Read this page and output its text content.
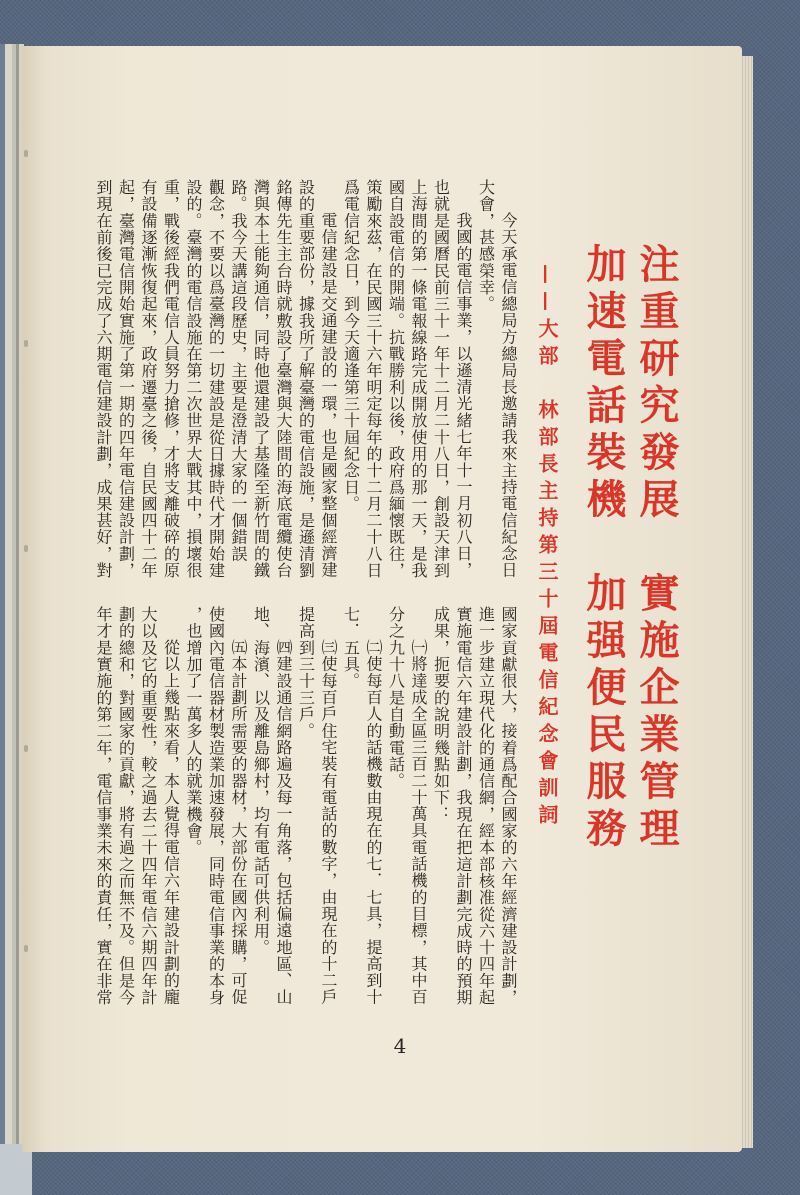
注重研究發展　實施企業管理
加速電話裝機　加强便民服務
——大部　林部長主持第三十屆電信紀念會訓詞
今天承電信總局方總局長邀請我來主持電信紀念日
大會，甚感榮幸。
我國的電信事業，以遜清光緒七年十一月初八日，
也就是國曆民前三十一年十二月二十八日，創設天津到
上海間的第一條電報線路完成開放使用的那一天，是我
國自設電信的開端。抗戰勝利以後，政府爲緬懷既往，
策勵來茲，在民國三十六年明定每年的十二月二十八日
爲電信紀念日，到今天適逢第三十屆紀念日。
電信建設是交通建設的一環，也是國家整個經濟建
設的重要部份，據我所了解臺灣的電信設施，是遜清劉
銘傳先生主台時就敷設了臺灣與大陸間的海底電纜使台
灣與本土能夠通信，同時他還建設了基隆至新竹間的鐵
路。我今天講這段歷史，主要是澄清大家的一個錯誤
觀念，不要以爲臺灣的一切建設是從日據時代才開始建
設的。臺灣的電信設施在第二次世界大戰其中，損壞很
重，戰後經我們電信人員努力搶修，才將支離破碎的原
有設備逐漸恢復起來，政府遷臺之後，自民國四十二年
起，臺灣電信開始實施了第一期的四年電信建設計劃，
到現在前後已完成了六期電信建設計劃，成果甚好，對
國家貢獻很大，接着爲配合國家的六年經濟建設計劃，
進一步建立現代化的通信網，經本部核准從六十四年起
實施電信六年建設計劃，我現在把這計劃完成時的預期
成果，扼要的說明幾點如下：
㈠將達成全區三百二十萬具電話機的目標，其中百
分之九十八是自動電話。
㈡使每百人的話機數由現在的七．七具，提高到十
七．五具。
㈢使每百戶住宅裝有電話的數字，由現在的十二戶
提高到三十三戶。
㈣建設通信網路遍及每一角落，包括偏遠地區、山
地、海濱、以及離島鄉村，均有電話可供利用。
㈤本計劃所需要的器材，大部份在國內採購，可促
使國內電信器材製造業加速發展，同時電信事業的本身
，也增加了一萬多人的就業機會。
從以上幾點來看，本人覺得電信六年建設計劃的龐
大以及它的重要性，較之過去二十四年電信六期四年計
劃的總和，對國家的貢獻，將有過之而無不及。但是今
年才是實施的第二年，電信事業未來的責任，實在非常
4
